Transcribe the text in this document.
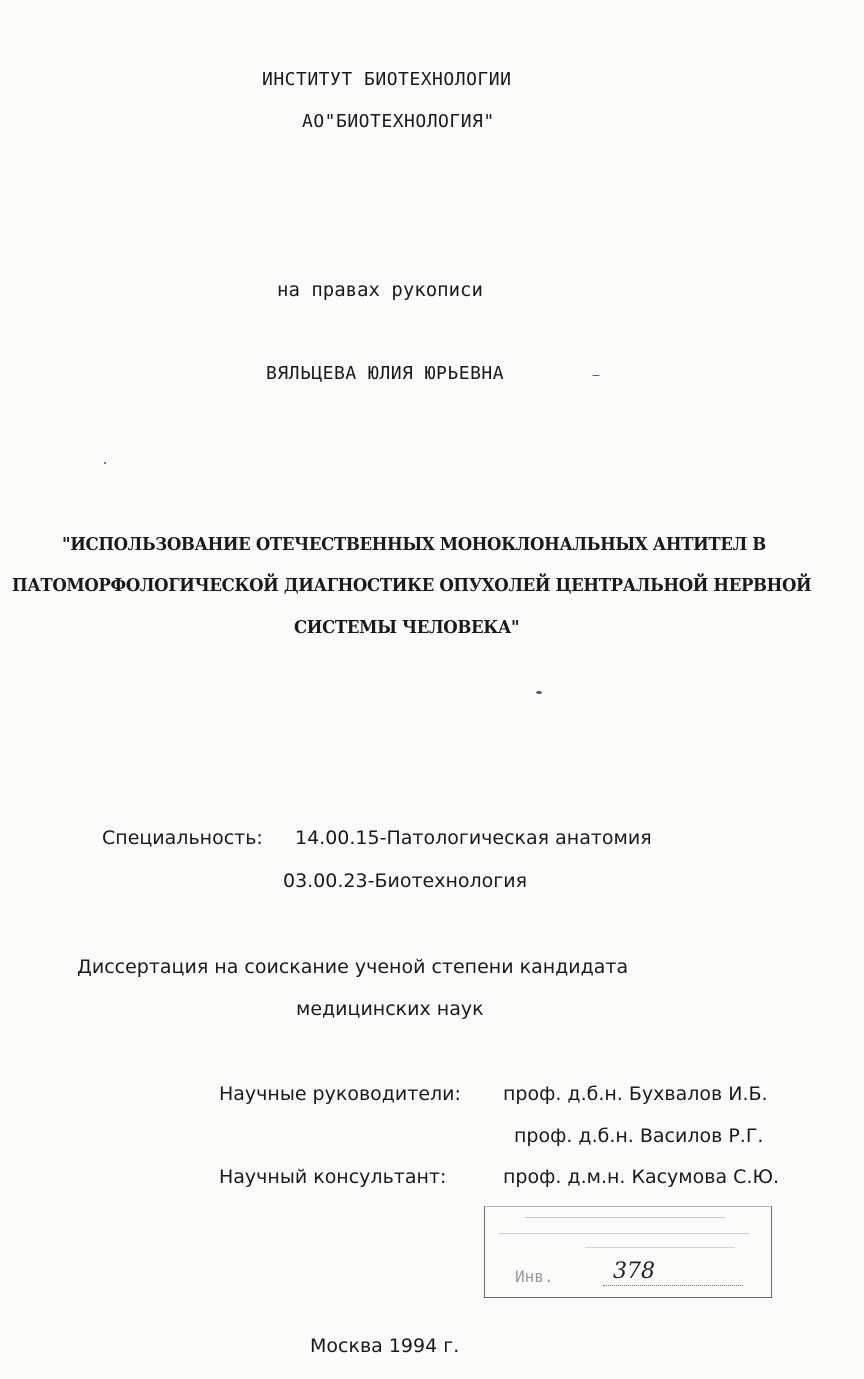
ИНСТИТУТ БИОТЕХНОЛОГИИ
АО"БИОТЕХНОЛОГИЯ"
на правах рукописи
ВЯЛЬЦЕВА ЮЛИЯ ЮРЬЕВНА
"ИСПОЛЬЗОВАНИЕ ОТЕЧЕСТВЕННЫХ МОНОКЛОНАЛЬНЫХ АНТИТЕЛ В
ПАТОМОРФОЛОГИЧЕСКОЙ ДИАГНОСТИКЕ ОПУХОЛЕЙ ЦЕНТРАЛЬНОЙ НЕРВНОЙ
СИСТЕМЫ ЧЕЛОВЕКА"
Специальность: 14.00.15-Патологическая анатомия
03.00.23-Биотехнология
Диссертация на соискание ученой степени кандидата
медицинских наук
Научные руководители: проф. д.б.н. Бухвалов И.Б.
проф. д.б.н. Василов Р.Г.
Научный консультант:	проф. д.м.н. Касумова С.Ю.
Инв.	378
Москва 1994 г.
